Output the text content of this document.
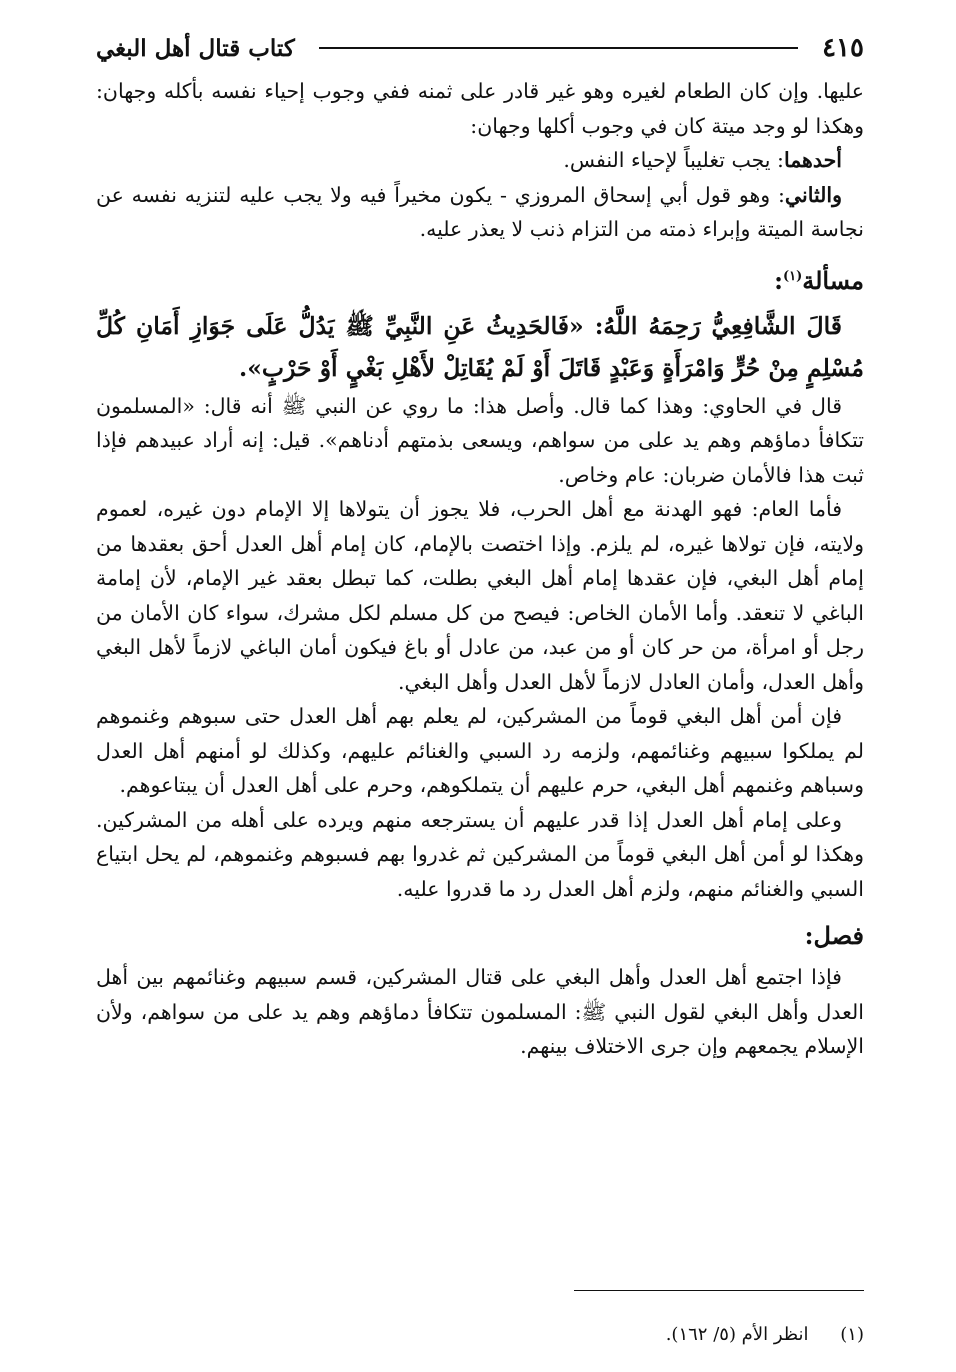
٤١٥
كتاب قتال أهل البغي

عليها. وإن كان الطعام لغيره وهو غير قادر على ثمنه ففي وجوب إحياء نفسه بأكله وجهان: وهكذا لو وجد ميتة كان في وجوب أكلها وجهان:

أحدهما: يجب تغليباً لإحياء النفس.

والثاني: وهو قول أبي إسحاق المروزي - يكون مخيراً فيه ولا يجب عليه لتنزيه نفسه عن نجاسة الميتة وإبراء ذمته من التزام ذنب لا يعذر عليه.

مسألة$^{(١)}$:

قَالَ الشَّافِعِيُّ رَحِمَهُ اللَّهُ: «فَالحَدِيثُ عَنِ النَّبِيِّ ﷺ يَدُلُّ عَلَى جَوَازِ أَمَانِ كُلِّ مُسْلِمٍ مِنْ حُرٍّ وَامْرَأَةٍ وَعَبْدٍ قَاتَلَ أَوْ لَمْ يُقَاتِلْ لأَهْلِ بَغْيٍ أَوْ حَرْبٍ».

قال في الحاوي: وهذا كما قال. وأصل هذا: ما روي عن النبي ﷺ أنه قال: «المسلمون تتكافأ دماؤهم وهم يد على من سواهم، ويسعى بذمتهم أدناهم». قيل: إنه أراد عبيدهم فإذا ثبت هذا فالأمان ضربان: عام وخاص.

فأما العام: فهو الهدنة مع أهل الحرب، فلا يجوز أن يتولاها إلا الإمام دون غيره، لعموم ولايته، فإن تولاها غيره، لم يلزم. وإذا اختصت بالإمام، كان إمام أهل العدل أحق بعقدها من إمام أهل البغي، فإن عقدها إمام أهل البغي بطلت، كما تبطل بعقد غير الإمام، لأن إمامة الباغي لا تنعقد. وأما الأمان الخاص: فيصح من كل مسلم لكل مشرك، سواء كان الأمان من رجل أو امرأة، من حر كان أو من عبد، من عادل أو باغ فيكون أمان الباغي لازماً لأهل البغي وأهل العدل، وأمان العادل لازماً لأهل العدل وأهل البغي.

فإن أمن أهل البغي قوماً من المشركين، لم يعلم بهم أهل العدل حتى سبوهم وغنموهم لم يملكوا سبيهم وغنائمهم، ولزمه رد السبي والغنائم عليهم، وكذلك لو أمنهم أهل العدل وسباهم وغنمهم أهل البغي، حرم عليهم أن يتملكوهم، وحرم على أهل العدل أن يبتاعوهم.

وعلى إمام أهل العدل إذا قدر عليهم أن يسترجعه منهم ويرده على أهله من المشركين. وهكذا لو أمن أهل البغي قوماً من المشركين ثم غدروا بهم فسبوهم وغنموهم، لم يحل ابتياع السبي والغنائم منهم، ولزم أهل العدل رد ما قدروا عليه.

فصل:

فإذا اجتمع أهل العدل وأهل البغي على قتال المشركين، قسم سبيهم وغنائمهم بين أهل العدل وأهل البغي لقول النبي ﷺ: المسلمون تتكافأ دماؤهم وهم يد على من سواهم، ولأن الإسلام يجمعهم وإن جرى الاختلاف بينهم.

(١) انظر الأم (٥/ ١٦٢).
